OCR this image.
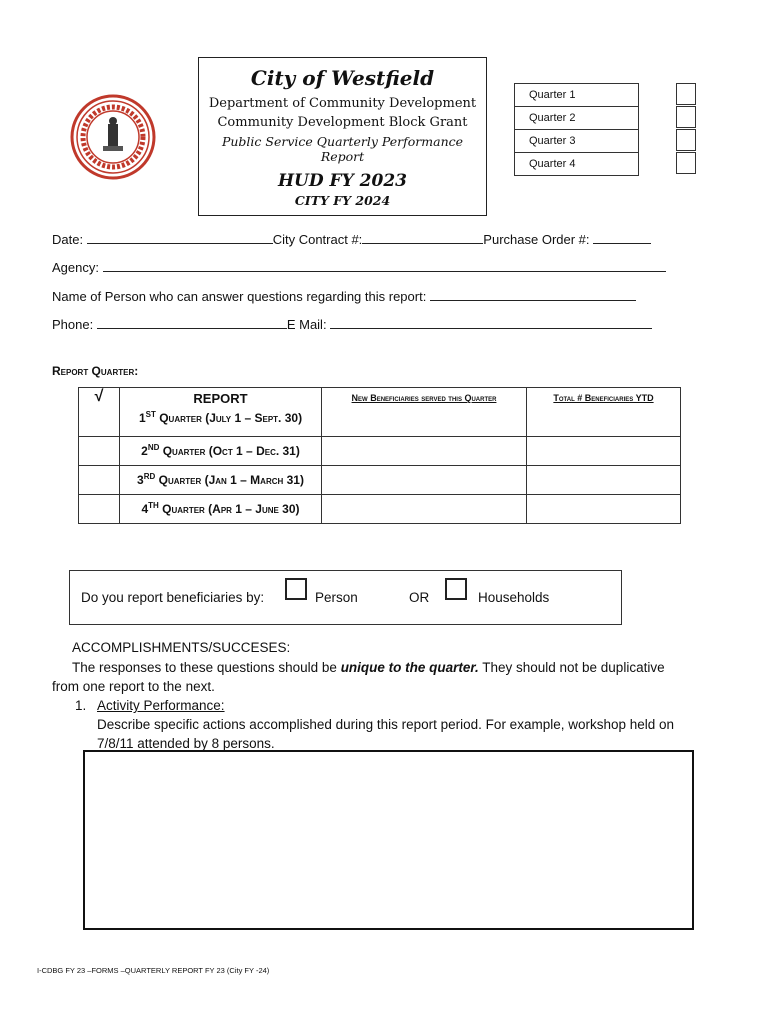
City of Westfield
Department of Community Development
Community Development Block Grant
Public Service Quarterly Performance Report
HUD FY 2023
CITY FY 2024
Quarter 1
Quarter 2
Quarter 3
Quarter 4
Date:	City Contract #:	Purchase Order #:
Agency:
Name of Person who can answer questions regarding this report:
Phone:	E Mail:
Report Quarter:
√	REPORT	New Beneficiaries served this Quarter	Total # Beneficiaries YTD
	1ST Quarter (July 1 – Sept. 30)		
	2ND Quarter (Oct 1 – Dec. 31)		
	3RD Quarter (Jan 1 – March 31)		
	4TH Quarter (Apr 1 – June 30)		
Do you report beneficiaries by:	Person	OR	Households
ACCOMPLISHMENTS/SUCCESES:
The responses to these questions should be unique to the quarter. They should not be duplicative
from one report to the next.
1. Activity Performance:
Describe specific actions accomplished during this report period. For example, workshop held on
7/8/11 attended by 8 persons.
I-CDBG FY 23 –FORMS –QUARTERLY REPORT FY 23 (City FY -24)
